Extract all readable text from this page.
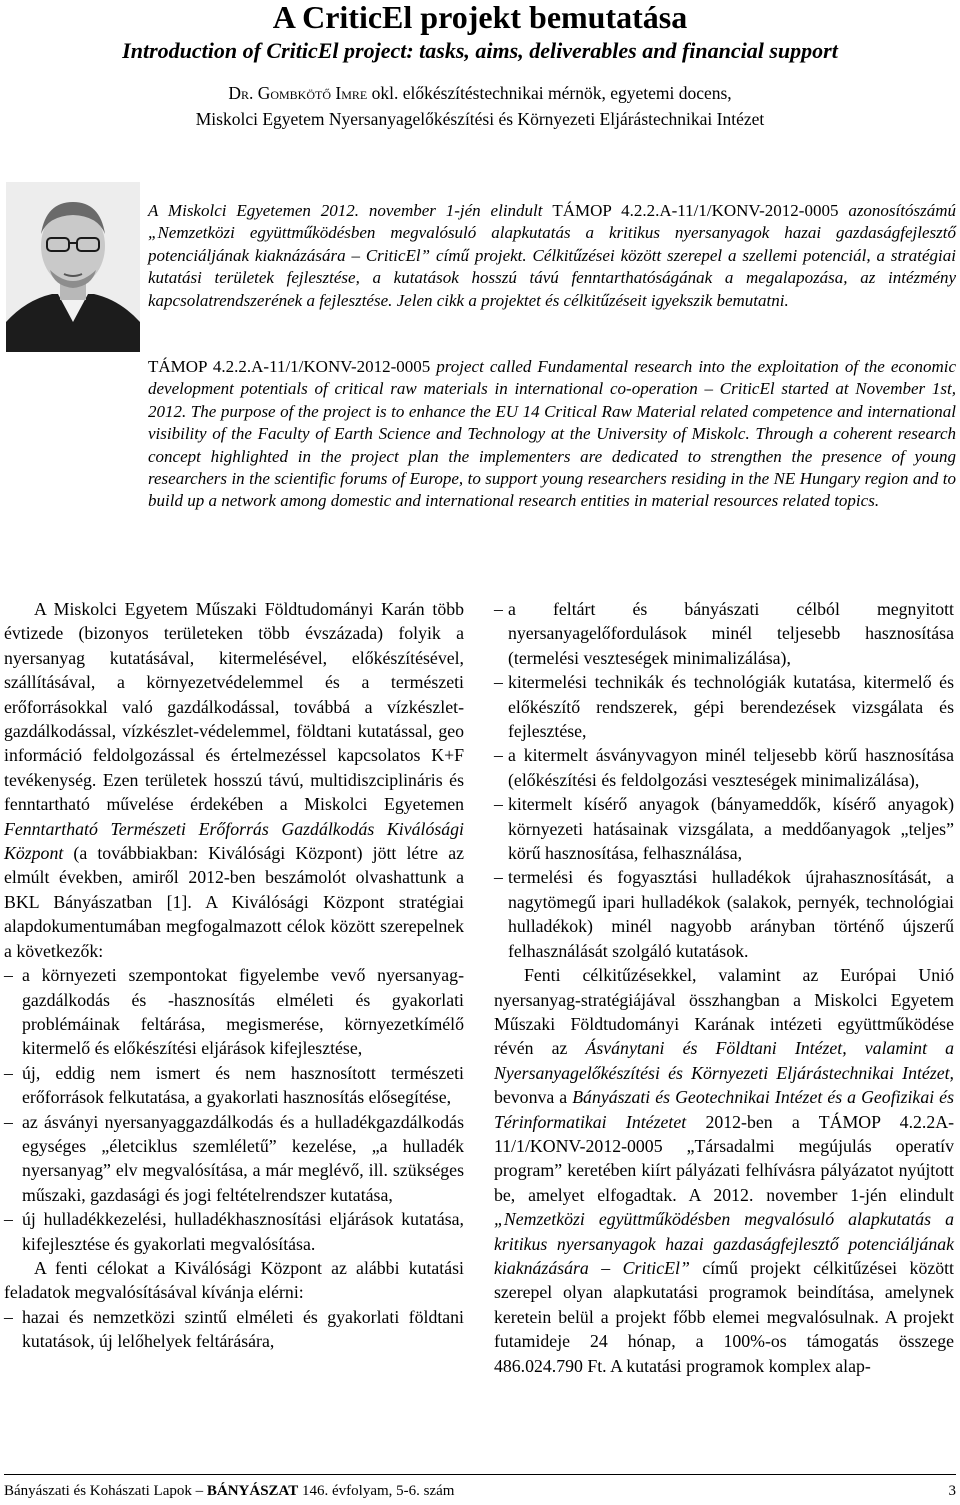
A CriticEl projekt bemutatása
Introduction of CriticEl project: tasks, aims, deliverables and financial support
Dr. Gombkötő Imre okl. előkészítéstechnikai mérnök, egyetemi docens,
Miskolci Egyetem Nyersanyagelőkészítési és Környezeti Eljárástechnikai Intézet
A Miskolci Egyetemen 2012. november 1-jén elindult TÁMOP 4.2.2.A-11/1/KONV-2012-0005 azonosítószámú „Nemzetközi együttműködésben megvalósuló alapkutatás a kritikus nyersanyagok hazai gazdaságfejlesztő potenciáljának kiaknázására – CriticEl” című projekt. Célkitűzései között szerepel a szellemi potenciál, a stratégiai kutatási területek fejlesztése, a kutatások hosszú távú fenntarthatóságának a megalapozása, az intézmény kapcsolatrendszerének a fejlesztése. Jelen cikk a projektet és célkitűzéseit igyekszik bemutatni.
TÁMOP 4.2.2.A-11/1/KONV-2012-0005 project called Fundamental research into the exploitation of the economic development potentials of critical raw materials in international co-operation – CriticEl started at November 1st, 2012. The purpose of the project is to enhance the EU 14 Critical Raw Material related competence and international visibility of the Faculty of Earth Science and Technology at the University of Miskolc. Through a coherent research concept highlighted in the project plan the implementers are dedicated to strengthen the presence of young researchers in the scientific forums of Europe, to support young researchers residing in the NE Hungary region and to build up a network among domestic and international research entities in material resources related topics.

A Miskolci Egyetem Műszaki Földtudományi Karán több évtizede (bizonyos területeken több évszázada) folyik a nyersanyag kutatásával, kitermelésével, előkészítésével, szállításával, a környezetvédelemmel és a természeti erőforrásokkal való gazdálkodással, továbbá a vízkészlet-gazdálkodással, vízkészlet-védelemmel, földtani kutatással, geo információ feldolgozással és értelmezéssel kapcsolatos K+F tevékenység. Ezen területek hosszú távú, multidiszciplináris és fenntartható művelése érdekében a Miskolci Egyetemen Fenntartható Természeti Erőforrás Gazdálkodás Kiválósági Központ (a továbbiakban: Kiválósági Központ) jött létre az elmúlt években, amiről 2012-ben beszámolót olvashattunk a BKL Bányászatban [1]. A Kiválósági Központ stratégiai alapdokumentumában megfogalmazott célok között szerepelnek a következők:

– a környezeti szempontokat figyelembe vevő nyersanyag-gazdálkodás és -hasznosítás elméleti és gyakorlati problémáinak feltárása, megismerése, környezetkímélő kitermelő és előkészítési eljárások kifejlesztése,
– új, eddig nem ismert és nem hasznosított természeti erőforrások felkutatása, a gyakorlati hasznosítás elősegítése,
– az ásványi nyersanyaggazdálkodás és a hulladékgazdálkodás egységes „életciklus szemléletű” kezelése, „a hulladék nyersanyag” elv megvalósítása, a már meglévő, ill. szükséges műszaki, gazdasági és jogi feltételrendszer kutatása,
– új hulladékkezelési, hulladékhasznosítási eljárások kutatása, kifejlesztése és gyakorlati megvalósítása.

A fenti célokat a Kiválósági Központ az alábbi kutatási feladatok megvalósításával kívánja elérni:

– hazai és nemzetközi szintű elméleti és gyakorlati földtani kutatások, új lelőhelyek feltárására,
– a feltárt és bányászati célból megnyitott nyersanyagelőfordulások minél teljesebb hasznosítása (termelési veszteségek minimalizálása),
– kitermelési technikák és technológiák kutatása, kitermelő és előkészítő rendszerek, gépi berendezések vizsgálata és fejlesztése,
– a kitermelt ásványvagyon minél teljesebb körű hasznosítása (előkészítési és feldolgozási veszteségek minimalizálása),
– kitermelt kísérő anyagok (bányameddők, kísérő anyagok) környezeti hatásainak vizsgálata, a meddőanyagok „teljes” körű hasznosítása, felhasználása,
– termelési és fogyasztási hulladékok újrahasznosítását, a nagytömegű ipari hulladékok (salakok, pernyék, technológiai hulladékok) minél nagyobb arányban történő újszerű felhasználását szolgáló kutatások.

Fenti célkitűzésekkel, valamint az Európai Unió nyersanyag-stratégiájával összhangban a Miskolci Egyetem Műszaki Földtudományi Karának intézeti együttműködése révén az Ásványtani és Földtani Intézet, valamint a Nyersanyagelőkészítési és Környezeti Eljárástechnikai Intézet, bevonva a Bányászati és Geotechnikai Intézet és a Geofizikai és Térinformatikai Intézetet 2012-ben a TÁMOP 4.2.2A-11/1/KONV-2012-0005 „Társadalmi megújulás operatív program” keretében kiírt pályázati felhívásra pályázatot nyújtott be, amelyet elfogadtak. A 2012. november 1-jén elindult „Nemzetközi együttműködésben megvalósuló alapkutatás a kritikus nyersanyagok hazai gazdaságfejlesztő potenciáljának kiaknázására – CriticEl” című projekt célkitűzései között szerepel olyan alapkutatási programok beindítása, amelynek keretein belül a projekt főbb elemei megvalósulnak. A projekt futamideje 24 hónap, a 100%-os támogatás összege 486.024.790 Ft. A kutatási programok komplex alap-

Bányászati és Kohászati Lapok – BÁNYÁSZAT 146. évfolyam, 5-6. szám	3
